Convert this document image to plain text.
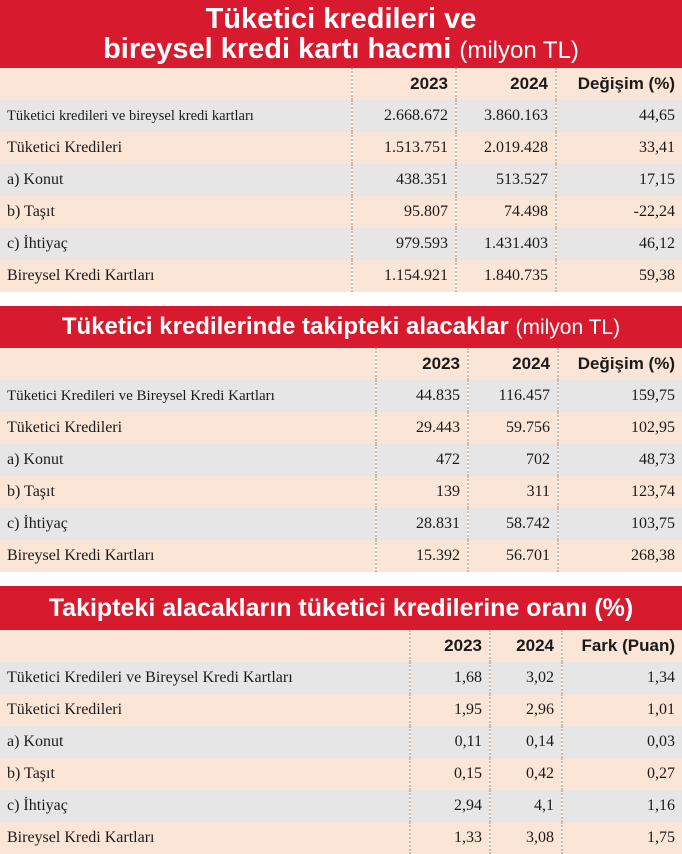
Tüketici kredileri ve
bireysel kredi kartı hacmi (milyon TL)
	2023	2024	Değişim (%)
Tüketici kredileri ve bireysel kredi kartları	2.668.672	3.860.163	44,65
Tüketici Kredileri	1.513.751	2.019.428	33,41
a) Konut	438.351	513.527	17,15
b) Taşıt	95.807	74.498	-22,24
c) İhtiyaç	979.593	1.431.403	46,12
Bireysel Kredi Kartları	1.154.921	1.840.735	59,38
Tüketici kredilerinde takipteki alacaklar (milyon TL)
	2023	2024	Değişim (%)
Tüketici Kredileri ve Bireysel Kredi Kartları	44.835	116.457	159,75
Tüketici Kredileri	29.443	59.756	102,95
a) Konut	472	702	48,73
b) Taşıt	139	311	123,74
c) İhtiyaç	28.831	58.742	103,75
Bireysel Kredi Kartları	15.392	56.701	268,38
Takipteki alacakların tüketici kredilerine oranı (%)
	2023	2024	Fark (Puan)
Tüketici Kredileri ve Bireysel Kredi Kartları	1,68	3,02	1,34
Tüketici Kredileri	1,95	2,96	1,01
a) Konut	0,11	0,14	0,03
b) Taşıt	0,15	0,42	0,27
c) İhtiyaç	2,94	4,1	1,16
Bireysel Kredi Kartları	1,33	3,08	1,75
